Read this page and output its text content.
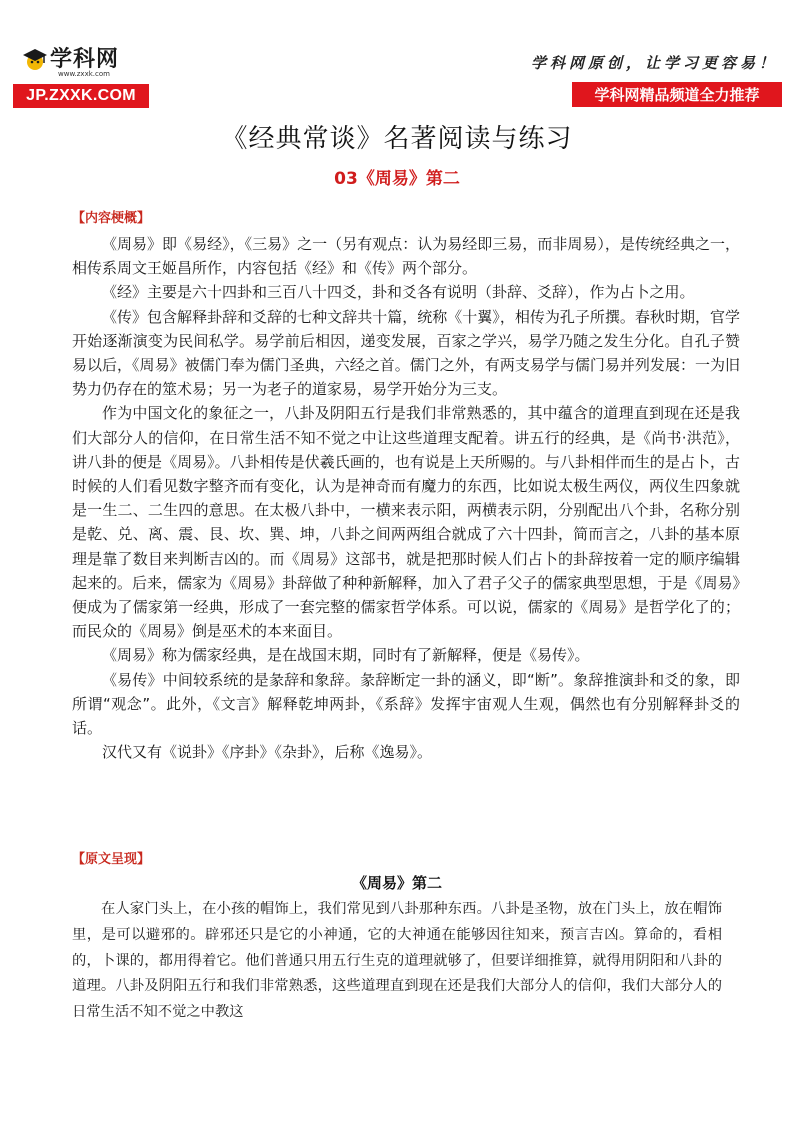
学科网
www.zxxk.com
JP.ZXXK.COM
学科网原创，让学习更容易！
学科网精品频道全力推荐
《经典常谈》名著阅读与练习
03《周易》第二
【内容梗概】

《周易》即《易经》，《三易》之一（另有观点：认为易经即三易，而非周易），是传统经典之一，相传系周文王姬昌所作，内容包括《经》和《传》两个部分。

《经》主要是六十四卦和三百八十四爻，卦和爻各有说明（卦辞、爻辞），作为占卜之用。

《传》包含解释卦辞和爻辞的七种文辞共十篇，统称《十翼》，相传为孔子所撰。春秋时期，官学开始逐渐演变为民间私学。易学前后相因，递变发展，百家之学兴，易学乃随之发生分化。自孔子赞易以后，《周易》被儒门奉为儒门圣典，六经之首。儒门之外，有两支易学与儒门易并列发展：一为旧势力仍存在的筮术易；另一为老子的道家易，易学开始分为三支。

作为中国文化的象征之一，八卦及阴阳五行是我们非常熟悉的，其中蕴含的道理直到现在还是我们大部分人的信仰，在日常生活不知不觉之中让这些道理支配着。讲五行的经典，是《尚书·洪范》，讲八卦的便是《周易》。八卦相传是伏羲氏画的，也有说是上天所赐的。与八卦相伴而生的是占卜，古时候的人们看见数字整齐而有变化，认为是神奇而有魔力的东西，比如说太极生两仪，两仪生四象就是一生二、二生四的意思。在太极八卦中，一横来表示阳，两横表示阴，分别配出八个卦，名称分别是乾、兑、离、震、艮、坎、巽、坤，八卦之间两两组合就成了六十四卦，简而言之，八卦的基本原理是靠了数目来判断吉凶的。而《周易》这部书，就是把那时候人们占卜的卦辞按着一定的顺序编辑起来的。后来，儒家为《周易》卦辞做了种种新解释，加入了君子父子的儒家典型思想，于是《周易》便成为了儒家第一经典，形成了一套完整的儒家哲学体系。可以说，儒家的《周易》是哲学化了的；而民众的《周易》倒是巫术的本来面目。

《周易》称为儒家经典，是在战国末期，同时有了新解释，便是《易传》。

《易传》中间较系统的是彖辞和象辞。彖辞断定一卦的涵义，即“断”。象辞推演卦和爻的象，即所谓“观念”。此外，《文言》解释乾坤两卦，《系辞》发挥宇宙观人生观，偶然也有分别解释卦爻的话。

汉代又有《说卦》《序卦》《杂卦》，后称《逸易》。

【原文呈现】
《周易》第二

在人家门头上，在小孩的帽饰上，我们常见到八卦那种东西。八卦是圣物，放在门头上，放在帽饰里，是可以避邪的。辟邪还只是它的小神通，它的大神通在能够因往知来，预言吉凶。算命的，看相的，卜课的，都用得着它。他们普通只用五行生克的道理就够了，但要详细推算，就得用阴阳和八卦的道理。八卦及阴阳五行和我们非常熟悉，这些道理直到现在还是我们大部分人的信仰，我们大部分人的日常生活不知不觉之中教这
